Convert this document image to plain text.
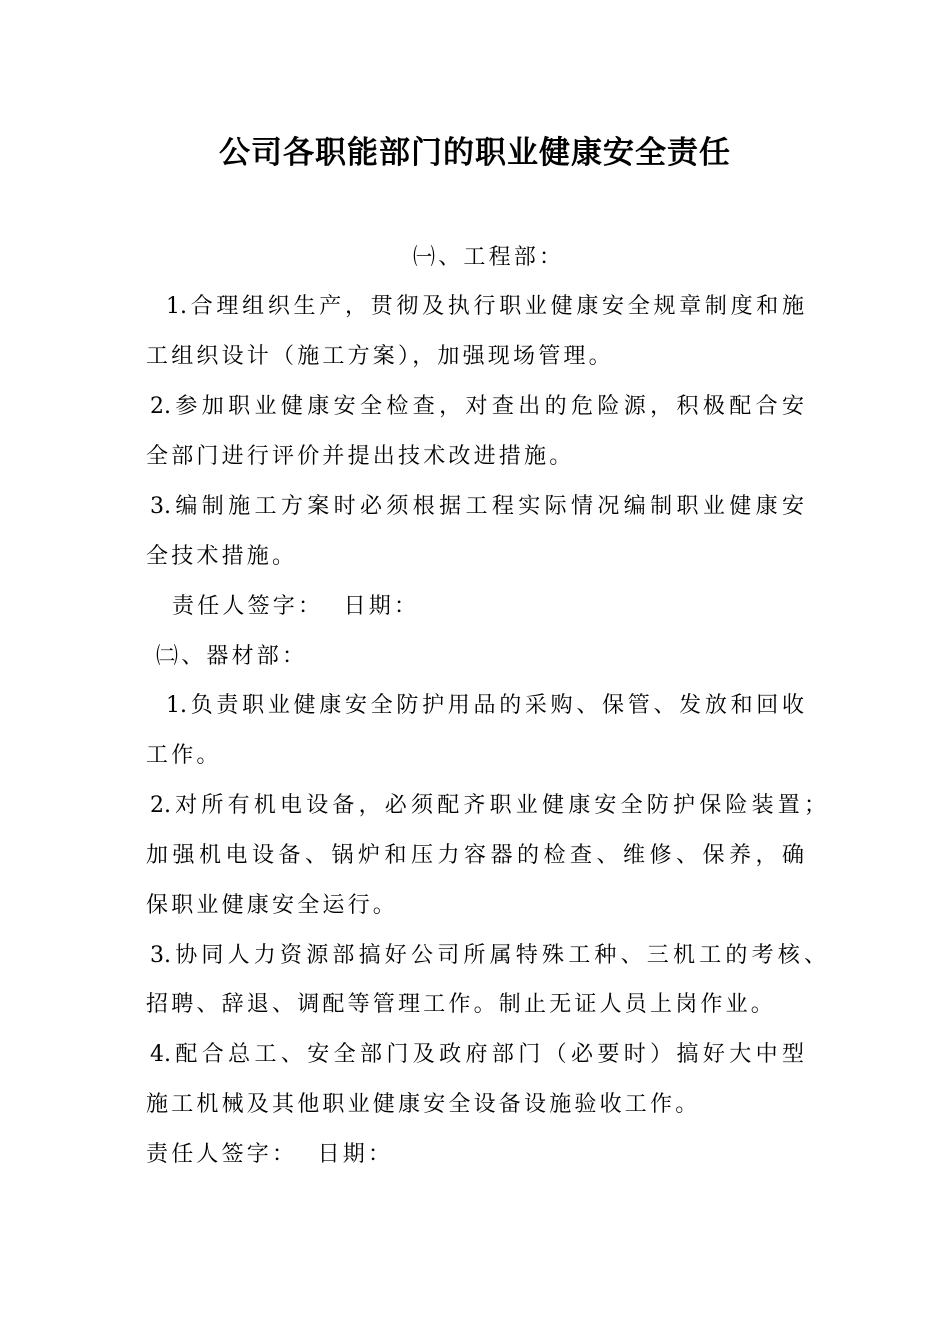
公司各职能部门的职业健康安全责任
㈠、工程部：
1.合理组织生产，贯彻及执行职业健康安全规章制度和施
工组织设计（施工方案），加强现场管理。
2.参加职业健康安全检查，对查出的危险源，积极配合安
全部门进行评价并提出技术改进措施。
3.编制施工方案时必须根据工程实际情况编制职业健康安
全技术措施。
责任人签字：  日期：
㈡、器材部：
1.负责职业健康安全防护用品的采购、保管、发放和回收
工作。
2.对所有机电设备，必须配齐职业健康安全防护保险装置；
加强机电设备、锅炉和压力容器的检查、维修、保养，确
保职业健康安全运行。
3.协同人力资源部搞好公司所属特殊工种、三机工的考核、
招聘、辞退、调配等管理工作。制止无证人员上岗作业。
4.配合总工、安全部门及政府部门（必要时）搞好大中型
施工机械及其他职业健康安全设备设施验收工作。
责任人签字：  日期：
